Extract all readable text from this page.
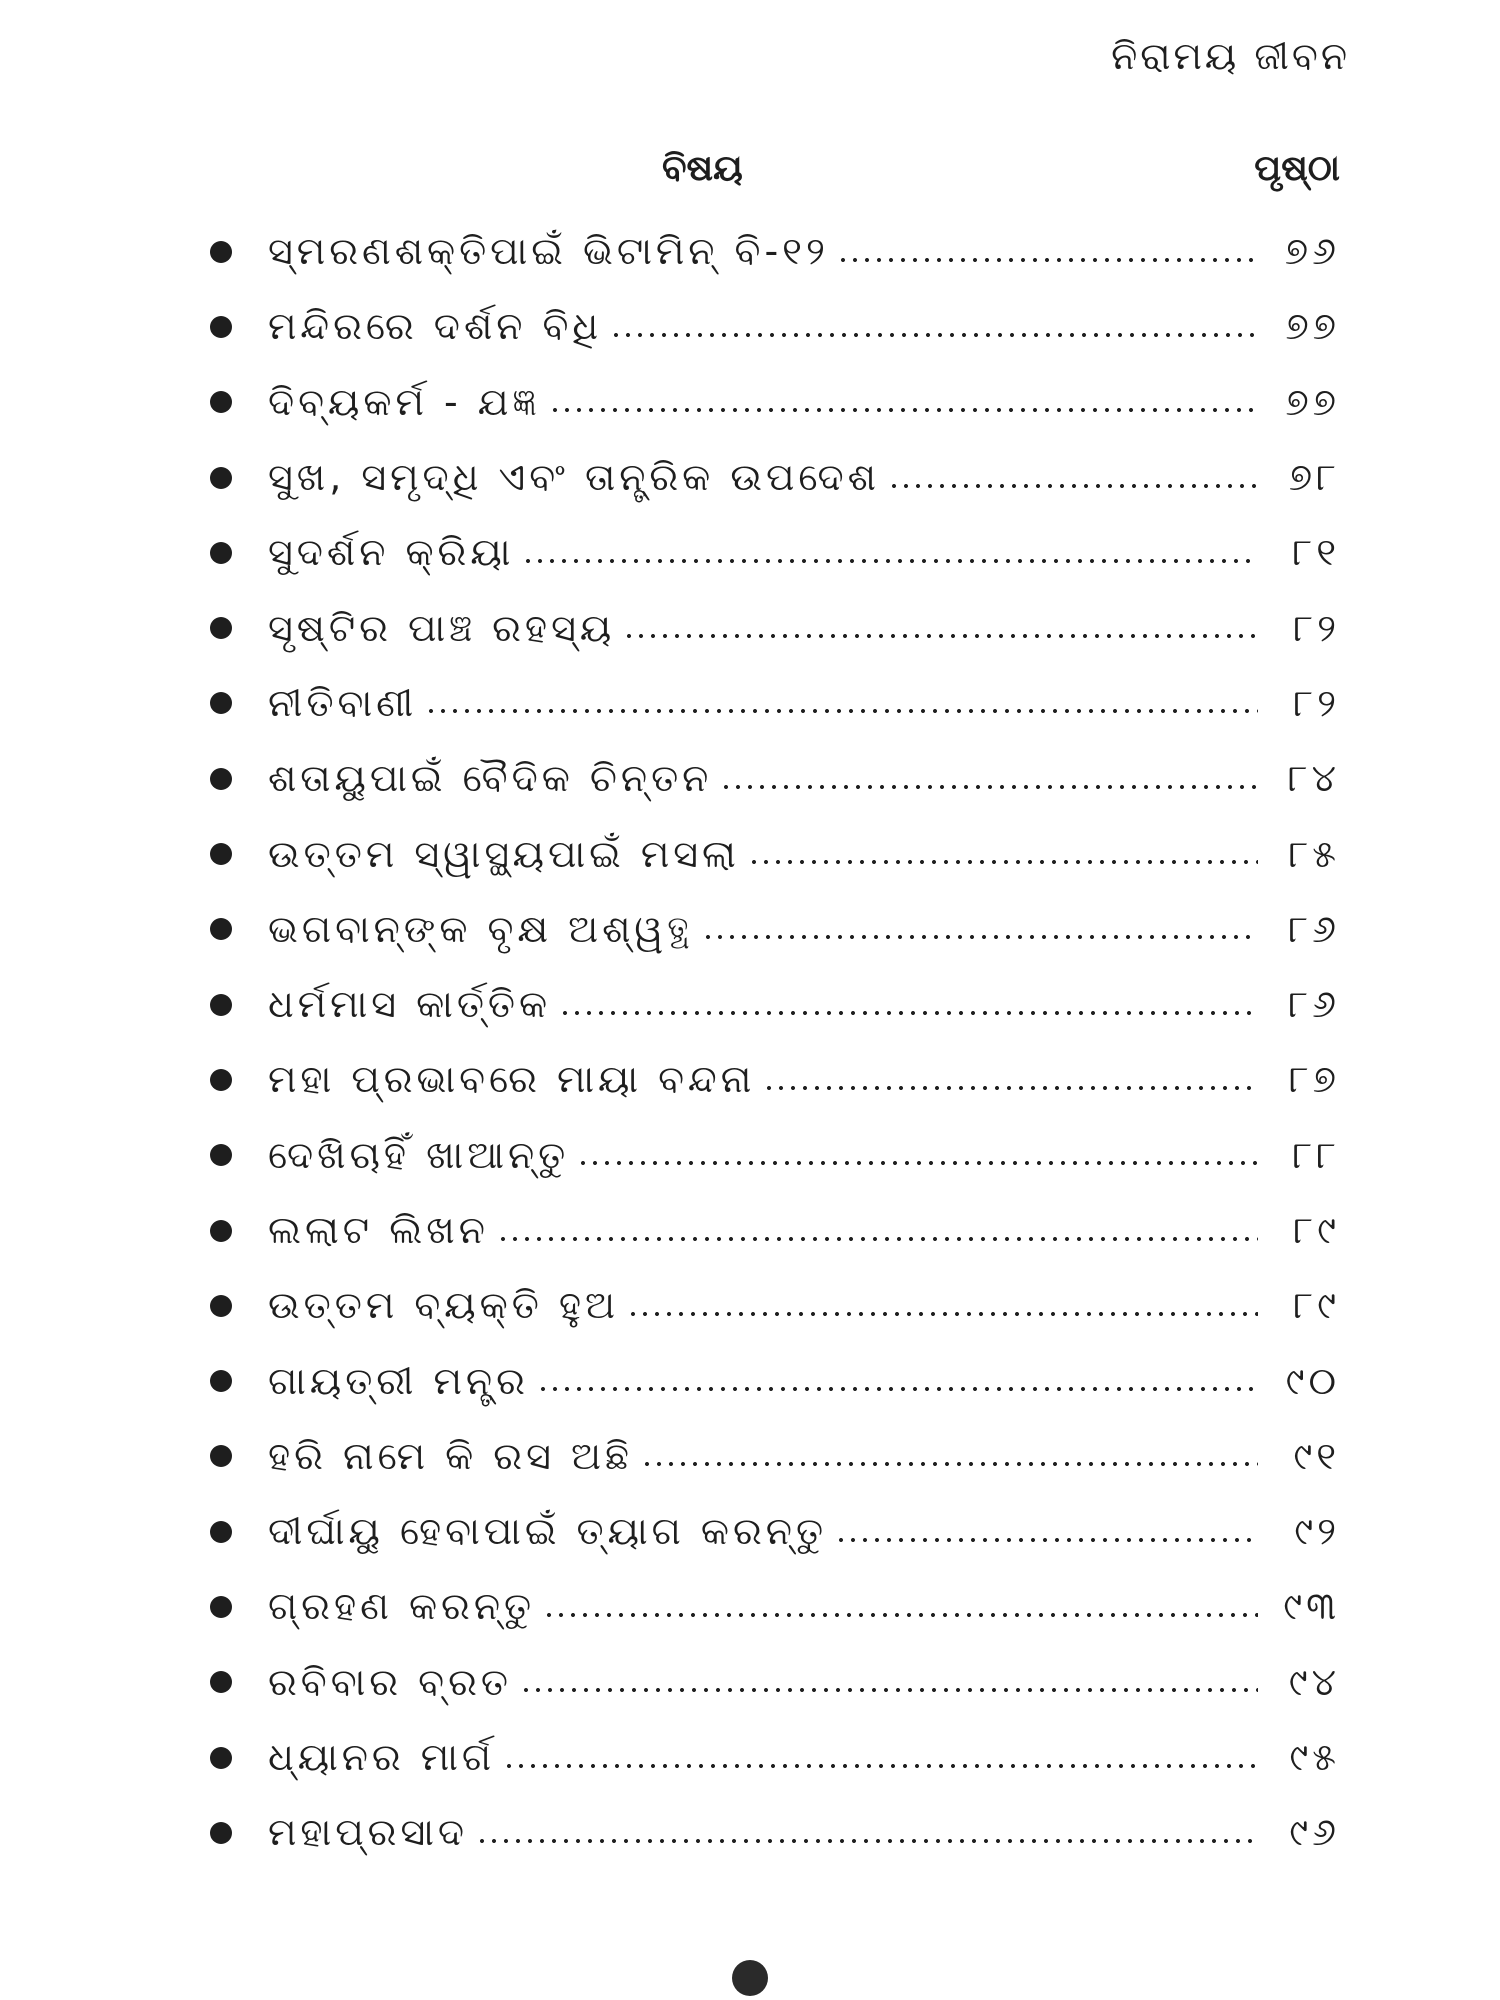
ନିରାମୟ ଜୀବନ
ବିଷୟ	ପୃଷ୍ଠା
ସ୍ମରଣଶକ୍ତିପାଇଁ ଭିଟାମିନ୍ ବି-୧୨	୭୬
ମନ୍ଦିରରେ ଦର୍ଶନ ବିଧି	୭୭
ଦିବ୍ୟକର୍ମ - ଯଜ୍ଞ	୭୭
ସୁଖ, ସମୃଦ୍ଧି ଏବଂ ତାନ୍ତ୍ରିକ ଉପଦେଶ	୭୮
ସୁଦର୍ଶନ କ୍ରିୟା	୮୧
ସୃଷ୍ଟିର ପାଞ୍ଚ ରହସ୍ୟ	୮୨
ନୀତିବାଣୀ	୮୨
ଶତାୟୁପାଇଁ ବୈଦିକ ଚିନ୍ତନ	୮୪
ଉତ୍ତମ ସ୍ୱାସ୍ଥ୍ୟପାଇଁ ମସଲା	୮୫
ଭଗବାନ୍‌ଙ୍କ ବୃକ୍ଷ ଅଶ୍ୱତ୍ଥ	୮୬
ଧର୍ମମାସ କାର୍ତ୍ତିକ	୮୬
ମହା ପ୍ରଭାବରେ ମାୟା ବନ୍ଦନା	୮୭
ଦେଖିଚାହିଁ ଖାଆନ୍ତୁ	୮୮
ଲଲାଟ ଲିଖନ	୮୯
ଉତ୍ତମ ବ୍ୟକ୍ତି ହୁଅ	୮୯
ଗାୟତ୍ରୀ ମନ୍ତ୍ର	୯୦
ହରି ନାମେ କି ରସ ଅଛି	୯୧
ଦୀର୍ଘାୟୁ ହେବାପାଇଁ ତ୍ୟାଗ କରନ୍ତୁ	୯୨
ଗ୍ରହଣ କରନ୍ତୁ	୯୩
ରବିବାର ବ୍ରତ	୯୪
ଧ୍ୟାନର ମାର୍ଗ	୯୫
ମହାପ୍ରସାଦ	୯୬
